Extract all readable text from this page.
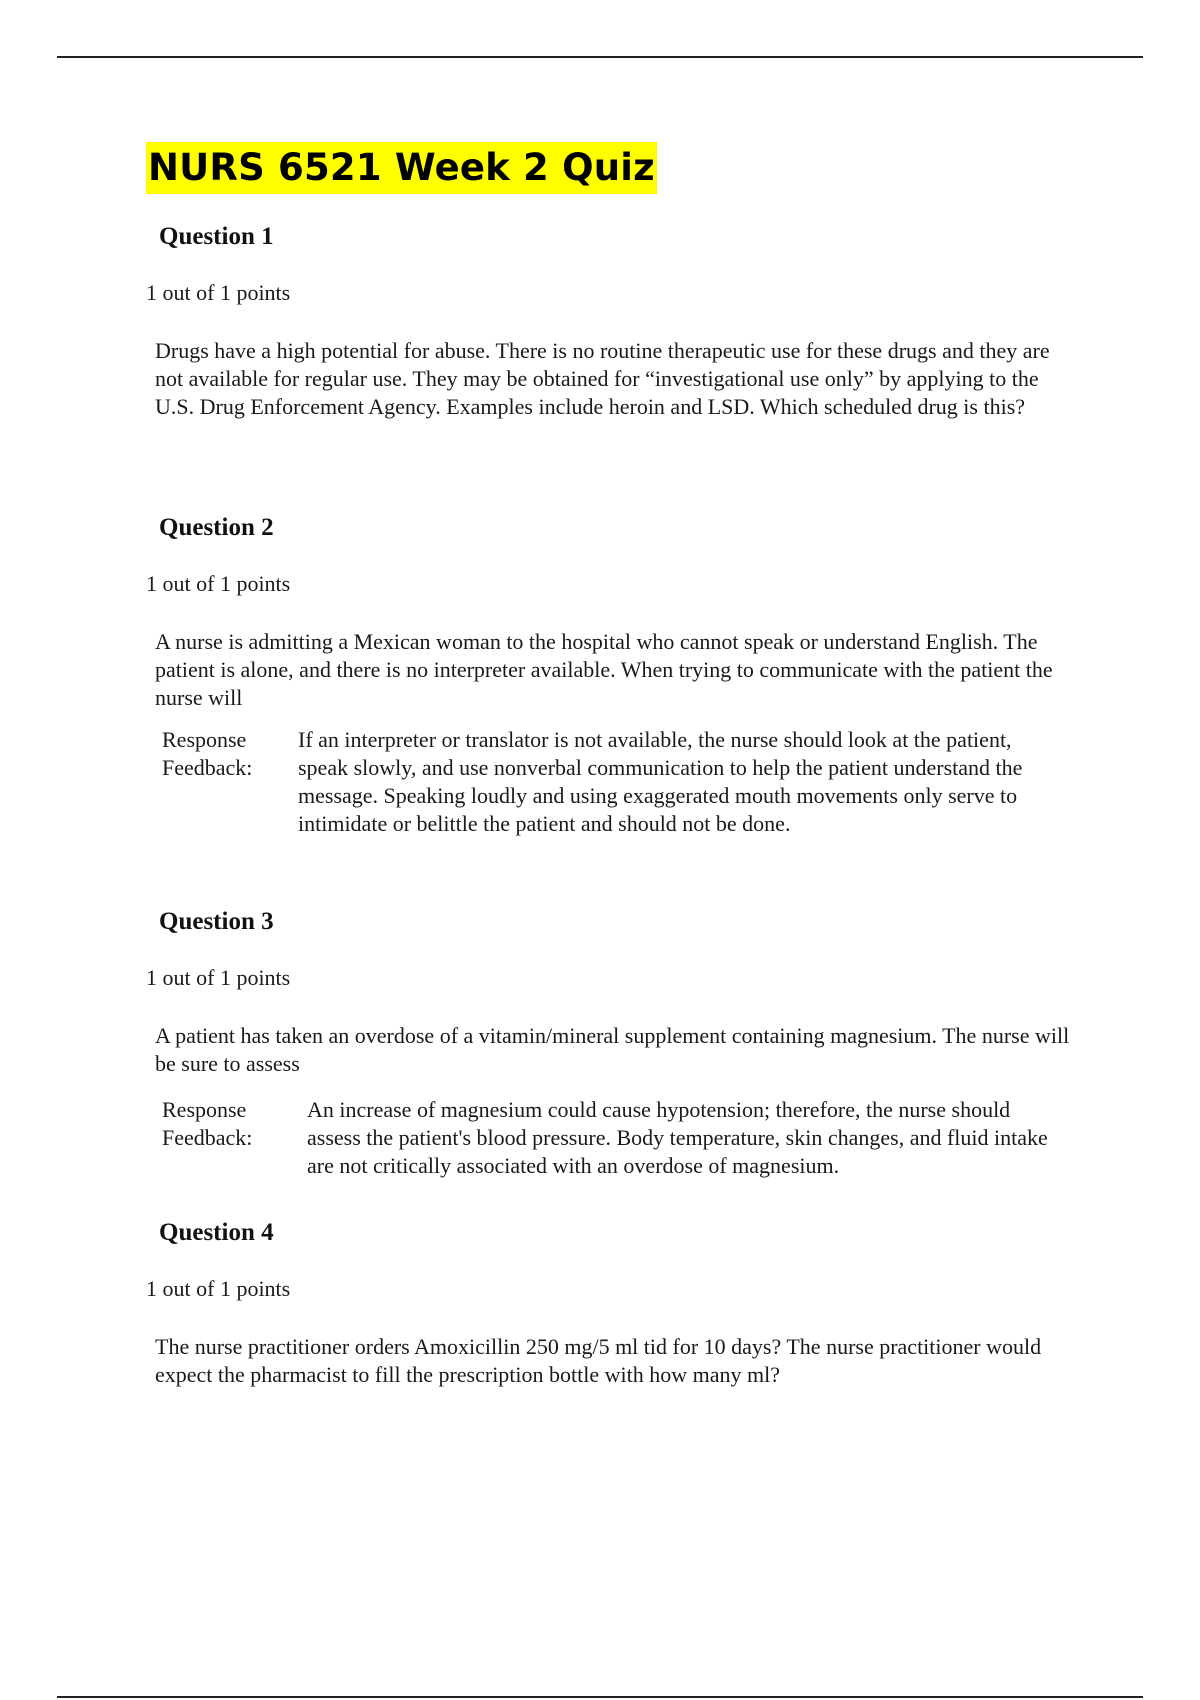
NURS 6521 Week 2 Quiz
Question 1
1 out of 1 points

Drugs have a high potential for abuse. There is no routine therapeutic use for these drugs and they are not available for regular use. They may be obtained for “investigational use only” by applying to the U.S. Drug Enforcement Agency. Examples include heroin and LSD. Which scheduled drug is this?

Question 2
1 out of 1 points

A nurse is admitting a Mexican woman to the hospital who cannot speak or understand English. The patient is alone, and there is no interpreter available. When trying to communicate with the patient the nurse will

Response Feedback:
If an interpreter or translator is not available, the nurse should look at the patient, speak slowly, and use nonverbal communication to help the patient understand the message. Speaking loudly and using exaggerated mouth movements only serve to intimidate or belittle the patient and should not be done.
Question 3
1 out of 1 points

A patient has taken an overdose of a vitamin/mineral supplement containing magnesium. The nurse will be sure to assess

Response Feedback:
An increase of magnesium could cause hypotension; therefore, the nurse should assess the patient's blood pressure. Body temperature, skin changes, and fluid intake are not critically associated with an overdose of magnesium.
Question 4
1 out of 1 points

The nurse practitioner orders Amoxicillin 250 mg/5 ml tid for 10 days? The nurse practitioner would expect the pharmacist to fill the prescription bottle with how many ml?
